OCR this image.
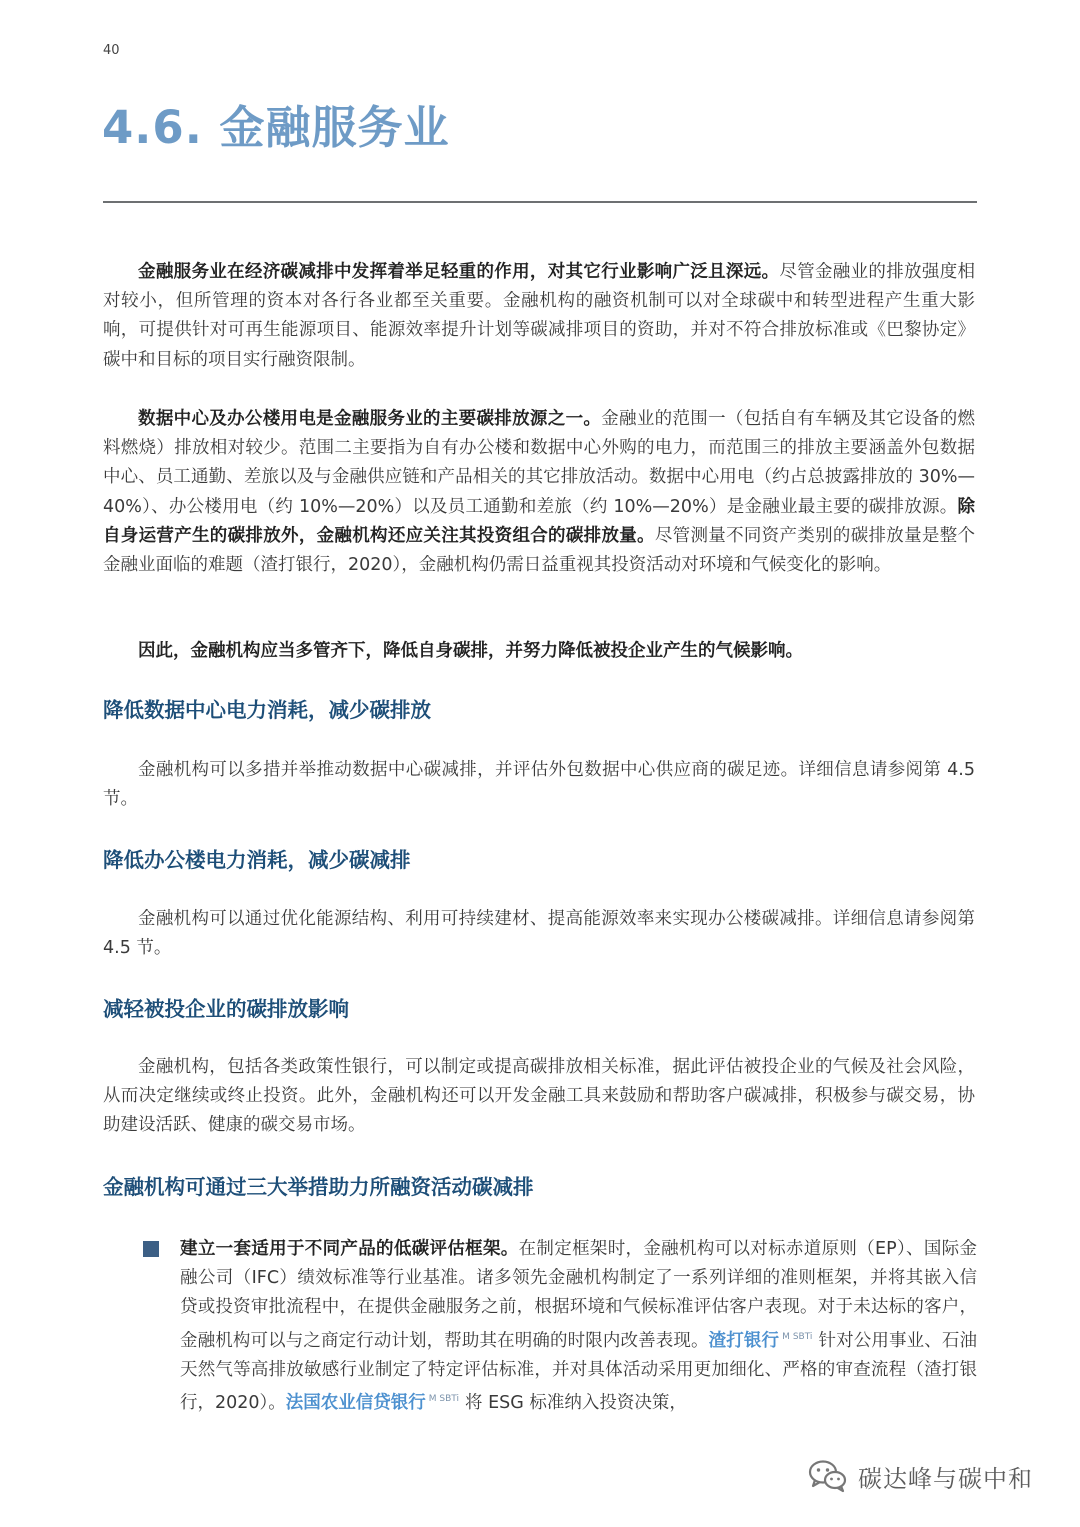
40
4.6. 金融服务业

金融服务业在经济碳减排中发挥着举足轻重的作用，对其它行业影响广泛且深远。尽管金融业的排放强度相对较小，但所管理的资本对各行各业都至关重要。金融机构的融资机制可以对全球碳中和转型进程产生重大影响，可提供针对可再生能源项目、能源效率提升计划等碳减排项目的资助，并对不符合排放标准或《巴黎协定》碳中和目标的项目实行融资限制。

数据中心及办公楼用电是金融服务业的主要碳排放源之一。金融业的范围一（包括自有车辆及其它设备的燃料燃烧）排放相对较少。范围二主要指为自有办公楼和数据中心外购的电力，而范围三的排放主要涵盖外包数据中心、员工通勤、差旅以及与金融供应链和产品相关的其它排放活动。数据中心用电（约占总披露排放的 30%—40%）、办公楼用电（约 10%—20%）以及员工通勤和差旅（约 10%—20%）是金融业最主要的碳排放源。除自身运营产生的碳排放外，金融机构还应关注其投资组合的碳排放量。尽管测量不同资产类别的碳排放量是整个金融业面临的难题（渣打银行，2020），金融机构仍需日益重视其投资活动对环境和气候变化的影响。

因此，金融机构应当多管齐下，降低自身碳排，并努力降低被投企业产生的气候影响。

降低数据中心电力消耗，减少碳排放

金融机构可以多措并举推动数据中心碳减排，并评估外包数据中心供应商的碳足迹。详细信息请参阅第 4.5 节。

降低办公楼电力消耗，减少碳减排

金融机构可以通过优化能源结构、利用可持续建材、提高能源效率来实现办公楼碳减排。详细信息请参阅第 4.5 节。

减轻被投企业的碳排放影响

金融机构，包括各类政策性银行，可以制定或提高碳排放相关标准，据此评估被投企业的气候及社会风险，从而决定继续或终止投资。此外，金融机构还可以开发金融工具来鼓励和帮助客户碳减排，积极参与碳交易，协助建设活跃、健康的碳交易市场。

金融机构可通过三大举措助力所融资活动碳减排

建立一套适用于不同产品的低碳评估框架。在制定框架时，金融机构可以对标赤道原则（EP）、国际金融公司（IFC）绩效标准等行业基准。诸多领先金融机构制定了一系列详细的准则框架，并将其嵌入信贷或投资审批流程中，在提供金融服务之前，根据环境和气候标准评估客户表现。对于未达标的客户，金融机构可以与之商定行动计划，帮助其在明确的时限内改善表现。渣打银行 $^{M SBTi}$ 针对公用事业、石油天然气等高排放敏感行业制定了特定评估标准，并对具体活动采用更加细化、严格的审查流程（渣打银行，2020）。法国农业信贷银行 $^{M SBTi}$ 将 ESG 标准纳入投资决策，

碳达峰与碳中和
